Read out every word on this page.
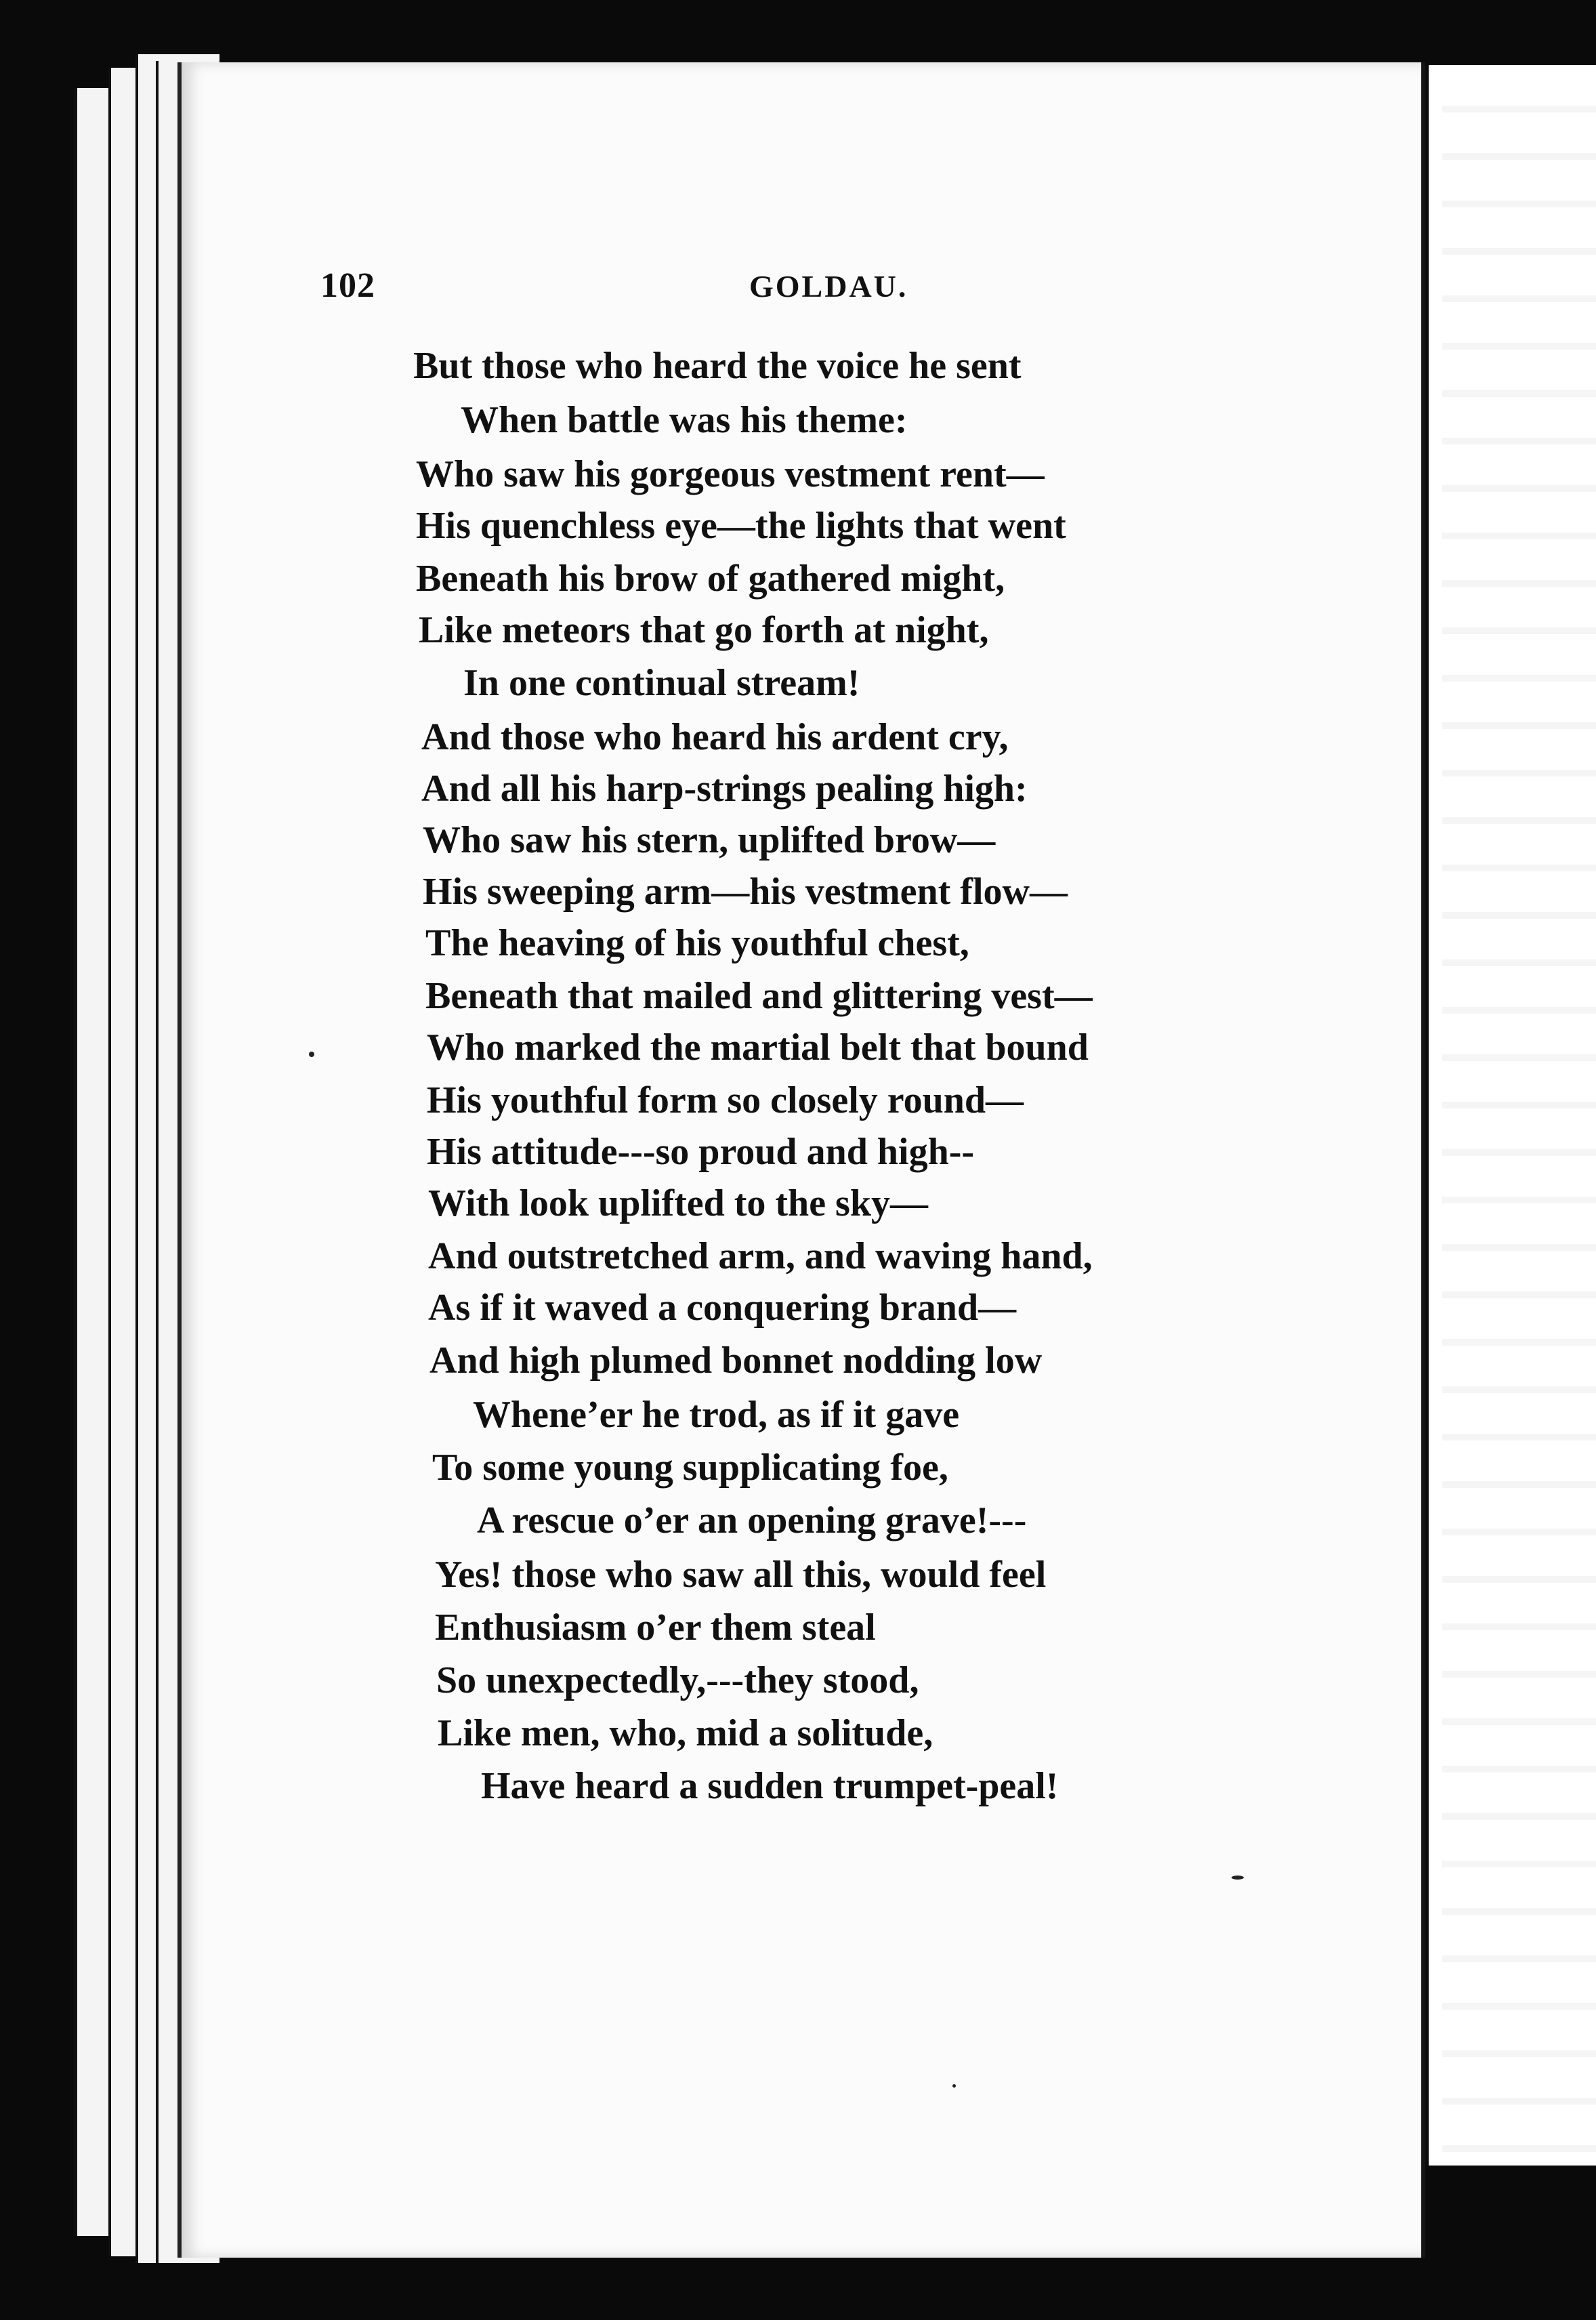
102	GOLDAU.
But those who heard the voice he sent
When battle was his theme:
Who saw his gorgeous vestment rent—
His quenchless eye—the lights that went
Beneath his brow of gathered might,
Like meteors that go forth at night,
In one continual stream!
And those who heard his ardent cry,
And all his harp-strings pealing high:
Who saw his stern, uplifted brow—
His sweeping arm—his vestment flow—
The heaving of his youthful chest,
Beneath that mailed and glittering vest—
Who marked the martial belt that bound
His youthful form so closely round—
His attitude---so proud and high--
With look uplifted to the sky—
And outstretched arm, and waving hand,
As if it waved a conquering brand—
And high plumed bonnet nodding low
Whene’er he trod, as if it gave
To some young supplicating foe,
A rescue o’er an opening grave!---
Yes! those who saw all this, would feel
Enthusiasm o’er them steal
So unexpectedly,---they stood,
Like men, who, mid a solitude,
Have heard a sudden trumpet-peal!
